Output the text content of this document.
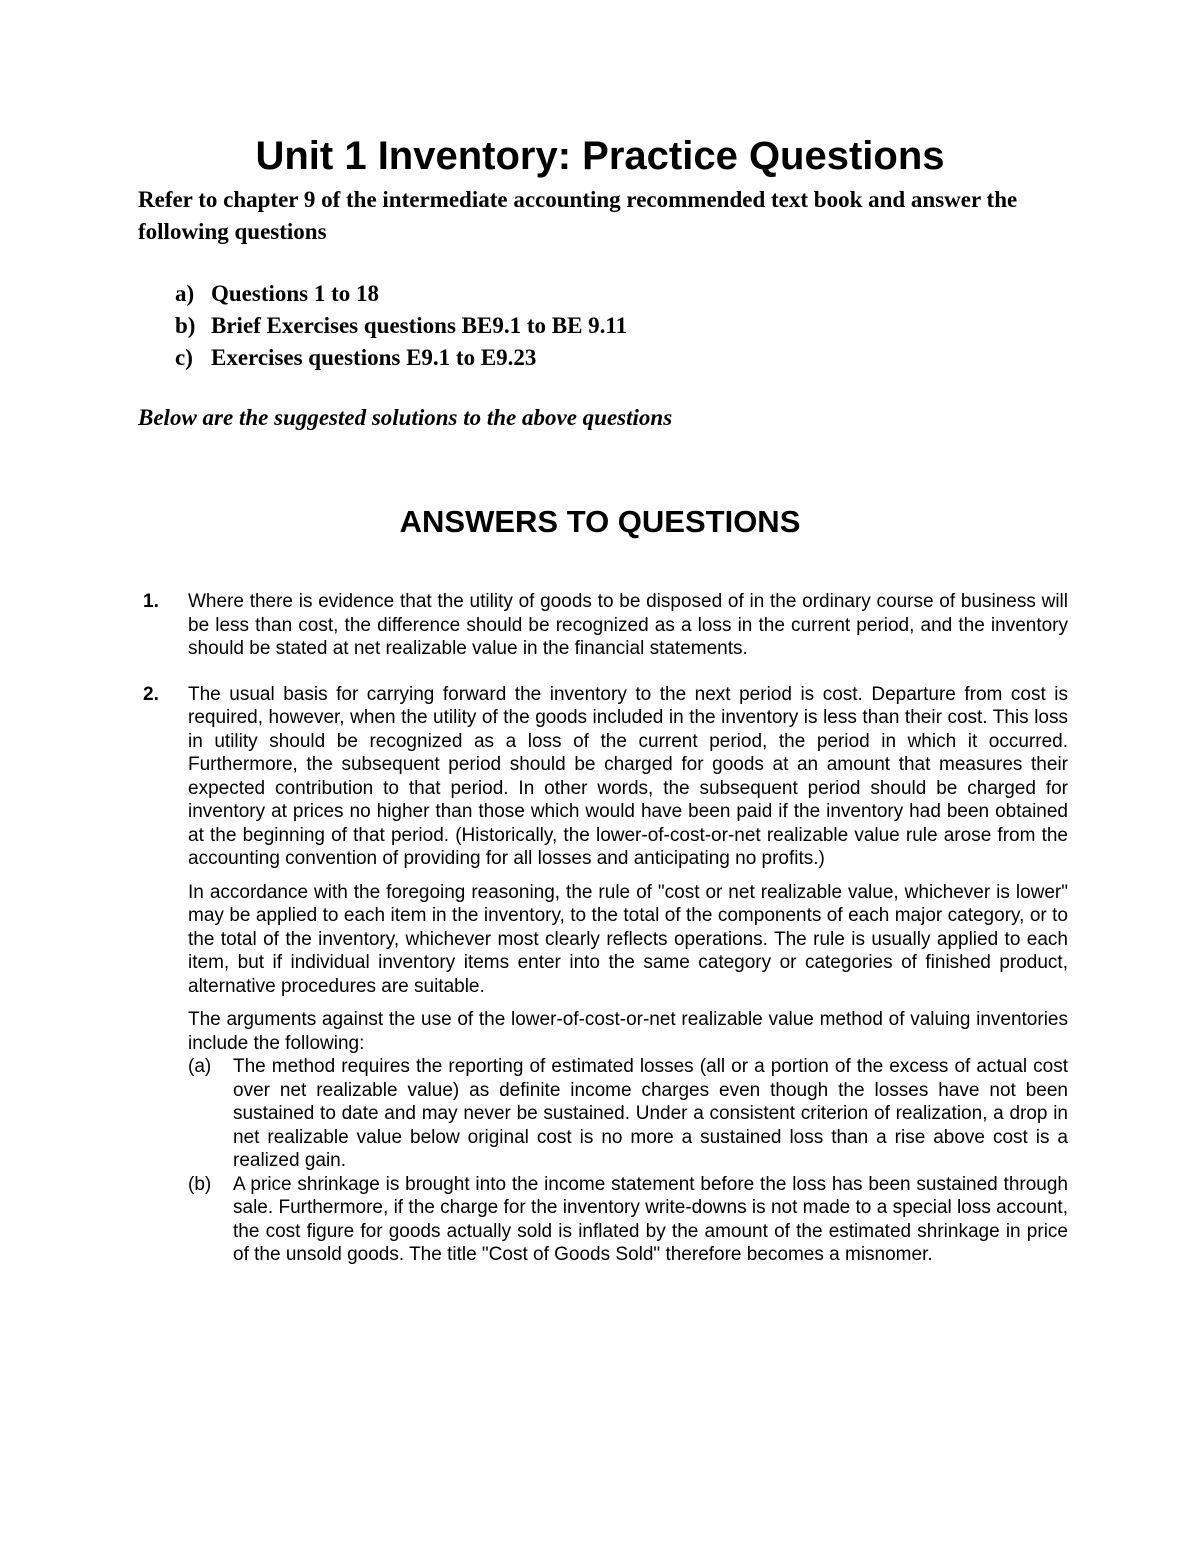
Unit 1 Inventory: Practice Questions

Refer to chapter 9 of the intermediate accounting recommended text book and answer the following questions

a) Questions 1 to 18
b) Brief Exercises questions BE9.1 to BE 9.11
c) Exercises questions E9.1 to E9.23

Below are the suggested solutions to the above questions

ANSWERS TO QUESTIONS
1.	Where there is evidence that the utility of goods to be disposed of in the ordinary course of business will be less than cost, the difference should be recognized as a loss in the current period, and the inventory should be stated at net realizable value in the financial statements.

2.	The usual basis for carrying forward the inventory to the next period is cost. Departure from cost is required, however, when the utility of the goods included in the inventory is less than their cost. This loss in utility should be recognized as a loss of the current period, the period in which it occurred. Furthermore, the subsequent period should be charged for goods at an amount that measures their expected contribution to that period. In other words, the subsequent period should be charged for inventory at prices no higher than those which would have been paid if the inventory had been obtained at the beginning of that period. (Historically, the lower-of-cost-or-net realizable value rule arose from the accounting convention of providing for all losses and anticipating no profits.)

In accordance with the foregoing reasoning, the rule of "cost or net realizable value, whichever is lower" may be applied to each item in the inventory, to the total of the components of each major category, or to the total of the inventory, whichever most clearly reflects operations. The rule is usually applied to each item, but if individual inventory items enter into the same category or categories of finished product, alternative procedures are suitable.

The arguments against the use of the lower-of-cost-or-net realizable value method of valuing inventories include the following:

(a)	The method requires the reporting of estimated losses (all or a portion of the excess of actual cost over net realizable value) as definite income charges even though the losses have not been sustained to date and may never be sustained. Under a consistent criterion of realization, a drop in net realizable value below original cost is no more a sustained loss than a rise above cost is a realized gain.
(b)	A price shrinkage is brought into the income statement before the loss has been sustained through sale. Furthermore, if the charge for the inventory write-downs is not made to a special loss account, the cost figure for goods actually sold is inflated by the amount of the estimated shrinkage in price of the unsold goods. The title "Cost of Goods Sold" therefore becomes a misnomer.
